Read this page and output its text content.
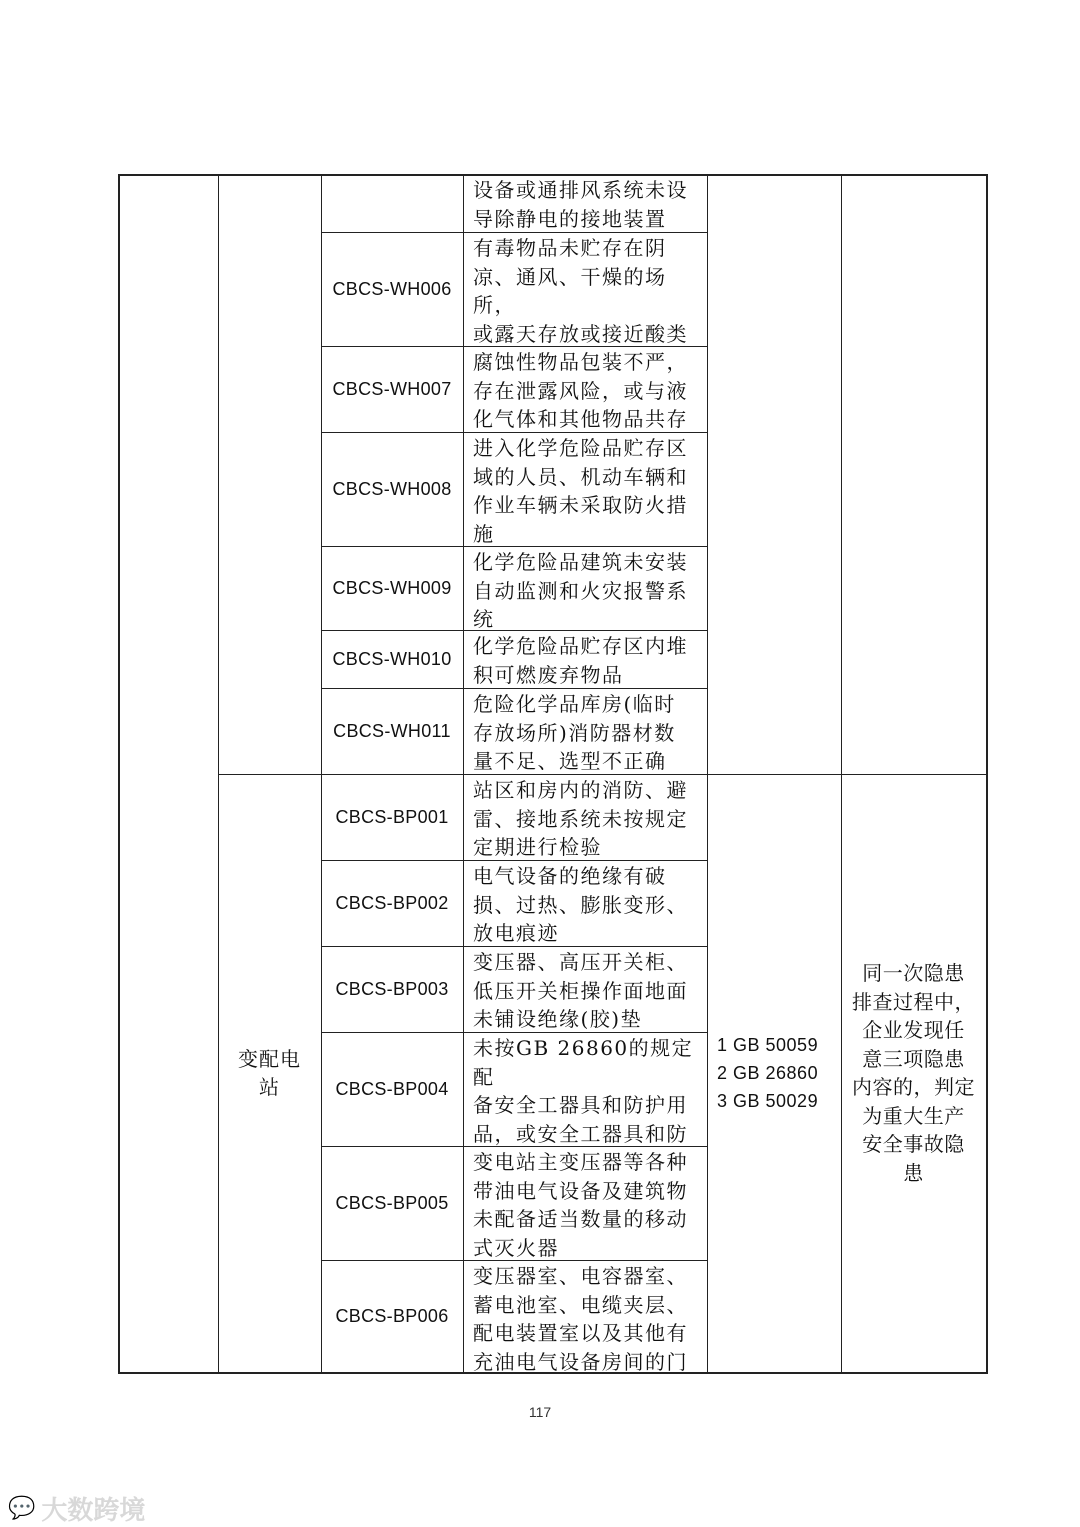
设备或通排风系统未设
导除静电的接地装置
CBCS-WH006
有毒物品未贮存在阴
凉、通风、干燥的场所，
或露天存放或接近酸类

CBCS-WH007
腐蚀性物品包装不严，
存在泄露风险，或与液
化气体和其他物品共存
CBCS-WH008
进入化学危险品贮存区
域的人员、机动车辆和
作业车辆未采取防火措
施
CBCS-WH009
化学危险品建筑未安装
自动监测和火灾报警系
统
CBCS-WH010
化学危险品贮存区内堆
积可燃废弃物品
CBCS-WH011
危险化学品库房(临时
存放场所)消防器材数
量不足、选型不正确
CBCS-BP001
站区和房内的消防、避
雷、接地系统未按规定
定期进行检验
CBCS-BP002
电气设备的绝缘有破
损、过热、膨胀变形、
放电痕迹
CBCS-BP003
变压器、高压开关柜、
低压开关柜操作面地面
未铺设绝缘(胶)垫
CBCS-BP004
未按GB 26860的规定配
备安全工器具和防护用
品，或安全工器具和防

CBCS-BP005
变电站主变压器等各种
带油电气设备及建筑物
未配备适当数量的移动
式灭火器
CBCS-BP006
变压器室、电容器室、
蓄电池室、电缆夹层、
配电装置室以及其他有
充油电气设备房间的门
变配电
站
1 GB 50059
2 GB 26860
3 GB 50029
同一次隐患
排查过程中，
企业发现任
意三项隐患
内容的，判定
为重大生产
安全事故隐
患
117
💬 大数跨境
